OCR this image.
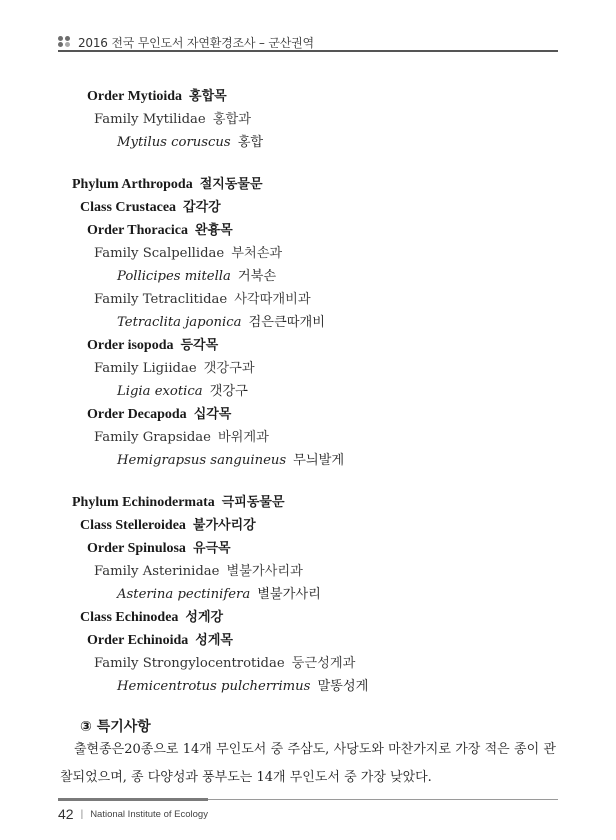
2016 전국 무인도서 자연환경조사 – 군산권역
Order Mytioida 홍합목
Family Mytilidae 홍합과
Mytilus coruscus 홍합
Phylum Arthropoda 절지동물문
Class Crustacea 갑각강
Order Thoracica 완흉목
Family Scalpellidae 부처손과
Pollicipes mitella 거북손
Family Tetraclitidae 사각따개비과
Tetraclita japonica 검은큰따개비
Order isopoda 등각목
Family Ligiidae 갯강구과
Ligia exotica 갯강구
Order Decapoda 십각목
Family Grapsidae 바위게과
Hemigrapsus sanguineus 무늬발게
Phylum Echinodermata 극피동물문
Class Stelleroidea 불가사리강
Order Spinulosa 유극목
Family Asterinidae 별불가사리과
Asterina pectinifera 별불가사리
Class Echinodea 성게강
Order Echinoida 성게목
Family Strongylocentrotidae 둥근성게과
Hemicentrotus pulcherrimus 말똥성게
③ 특기사항
출현종은20종으로 14개 무인도서 중 주삼도, 사당도와 마찬가지로 가장 적은 종이 관찰되었으며, 종 다양성과 풍부도는 14개 무인도서 중 가장 낮았다.
42 | National Institute of Ecology
